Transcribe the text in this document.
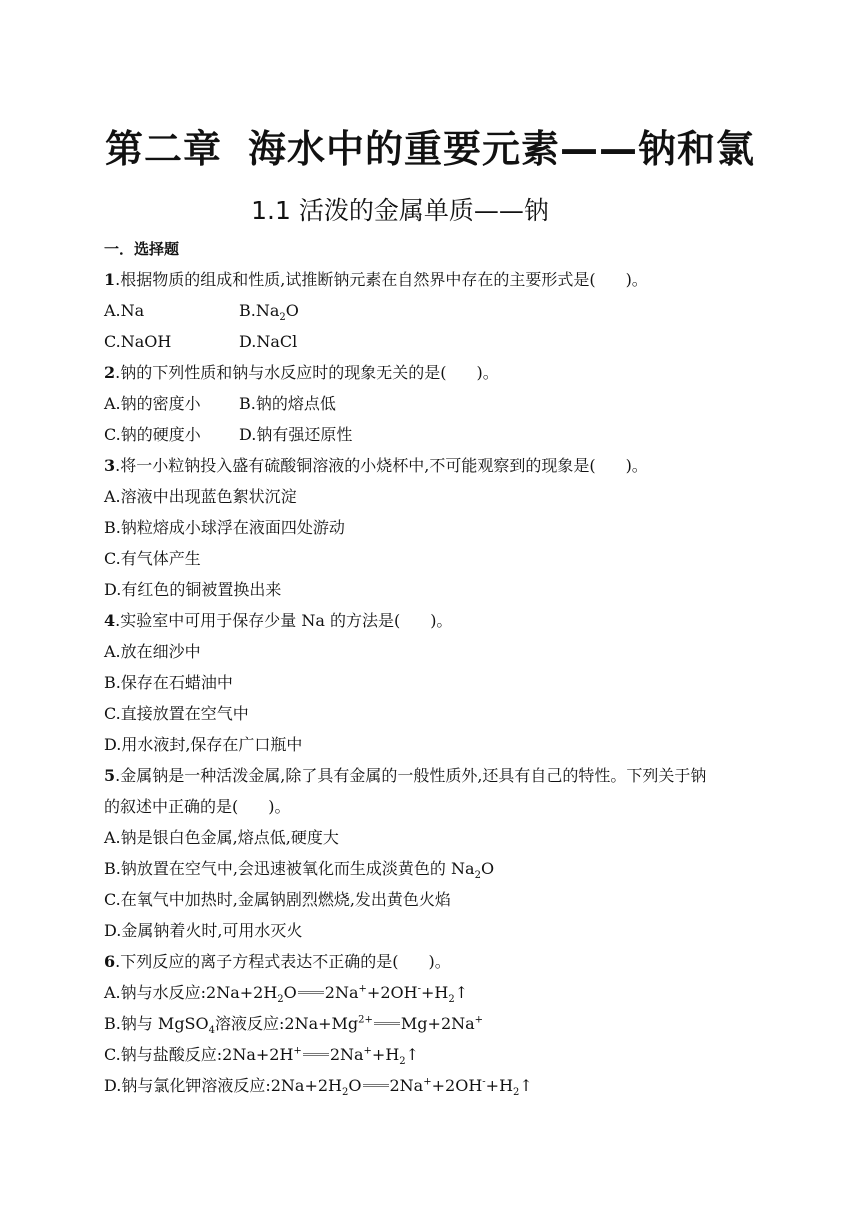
第二章 海水中的重要元素——钠和氯
1.1 活泼的金属单质——钠
一．选择题
1.根据物质的组成和性质,试推断钠元素在自然界中存在的主要形式是( )。
A.Na	$B.Na_2O$
C.NaOH	D.NaCl
2.钠的下列性质和钠与水反应时的现象无关的是( )。
A.钠的密度小 B.钠的熔点低
C.钠的硬度小 D.钠有强还原性
3.将一小粒钠投入盛有硫酸铜溶液的小烧杯中,不可能观察到的现象是( )。
A.溶液中出现蓝色絮状沉淀
B.钠粒熔成小球浮在液面四处游动
C.有气体产生
D.有红色的铜被置换出来
4.实验室中可用于保存少量 Na 的方法是( )。
A.放在细沙中
B.保存在石蜡油中
C.直接放置在空气中
D.用水液封,保存在广口瓶中
5.金属钠是一种活泼金属,除了具有金属的一般性质外,还具有自己的特性。下列关于钠
的叙述中正确的是( )。
A.钠是银白色金属,熔点低,硬度大
B.钠放置在空气中,会迅速被氧化而生成淡黄色的 $Na_2O$
C.在氧气中加热时,金属钠剧烈燃烧,发出黄色火焰
D.金属钠着火时,可用水灭火
6.下列反应的离子方程式表达不正确的是( )。
A.钠与水反应$:2Na+2H_2O$ $2Na^++2OH^-+H_2↑$
B.钠与 MgSO$_4$溶液反应$:2Na+Mg^{2+}$ Mg+2Na+
C.钠与盐酸反应:2Na+2H+ $2Na^++H_2↑$
D.钠与氯化钾溶液反应$:2Na+2H_2O$ $2Na^++2OH^-+H_2↑$
